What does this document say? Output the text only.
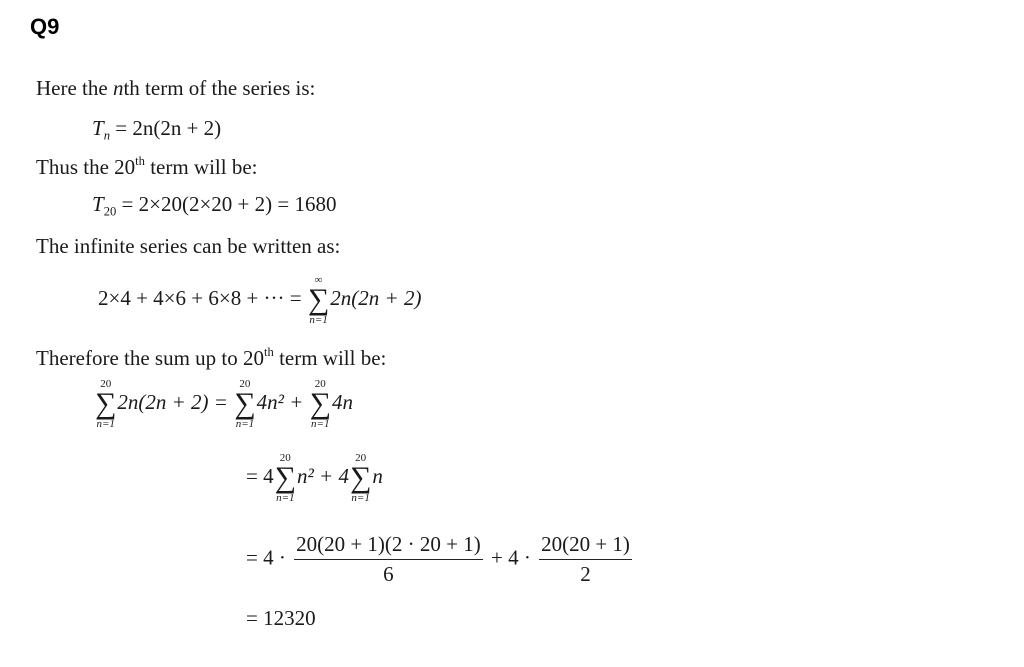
Q9
Here the nth term of the series is:
$T_n = 2n(2n + 2)$
Thus the 20th term will be:
$T_{20} = 2\times 20(2\times 20 + 2) = 1680$
The infinite series can be written as:
2×4 + 4×6 + 6×8 + ··· =
∞
∑
n=1
2n(2n + 2)
Therefore the sum up to 20th term will be:
20
∑
n=1
2n(2n + 2) =
20
∑
n=1
4n² +
20
∑
n=1
4n
= 4
20
∑
n=1
n² + 4
20
∑
n=1
n
= $4 \cdot \frac{20(20 + 1)(2 \cdot 20 + 1)}{6} + 4 \cdot \frac{20(20 + 1)}{2}$
= 12320
